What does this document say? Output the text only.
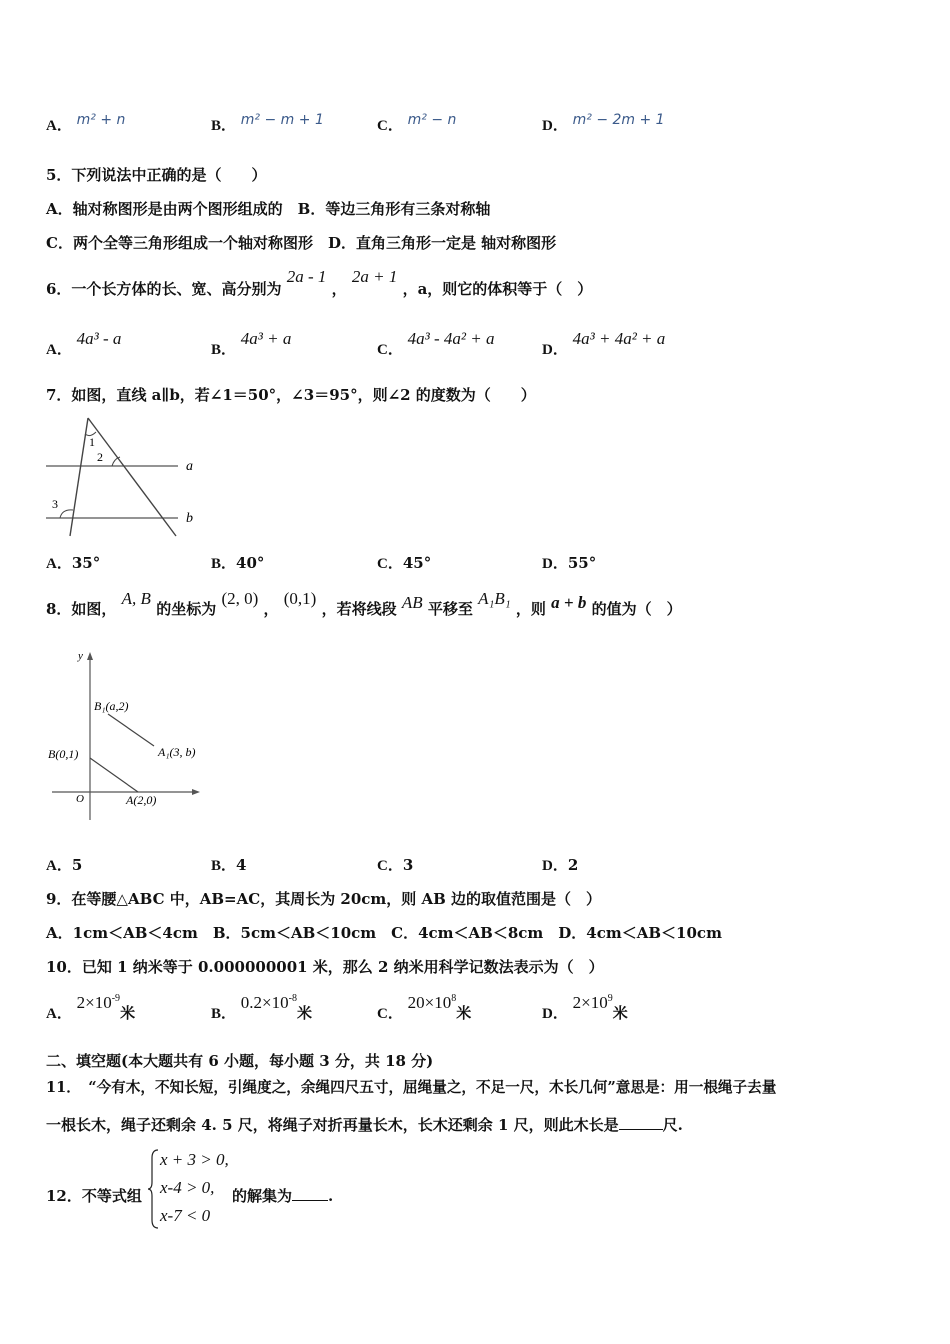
A． m² + n	B． m² − m + 1	C． m² − n	D． m² − 2m + 1
5．下列说法中正确的是（　　）
A．轴对称图形是由两个图形组成的　B．等边三角形有三条对称轴
C．两个全等三角形组成一个轴对称图形　D．直角三角形一定是 轴对称图形
6．一个长方体的长、宽、高分别为 2a - 1 ， 2a + 1 ，a，则它的体积等于（　）
A． 4a³ - a
B． 4a³ + a
C． 4a³ - 4a² + a
D． 4a³ + 4a² + a
7．如图，直线 a∥b，若∠1＝50°，∠3＝95°，则∠2 的度数为（　　）
1
2
3
a
b
A．35°	B．40°	C．45°	D．55°
8．如图， A, B 的坐标为 (2, 0) ， (0,1) ，若将线段 AB 平移至 A₁B₁ ，则 a + b 的值为（　）
y
O
B₁(a,2)
A₁(3, b)
B(0,1)
A(2,0)
A．5	B．4	C．3	D．2
9．在等腰△ABC 中，AB=AC，其周长为 20cm，则 AB 边的取值范围是（　）
A．1cm＜AB＜4cm　B．5cm＜AB＜10cm　C．4cm＜AB＜8cm　D．4cm＜AB＜10cm
10．已知 1 纳米等于 0.000000001 米，那么 2 纳米用科学记数法表示为（　）
A． $2\times 10^{-9}$米	B． $0.2\times 10^{-8}$米	C． $20\times 10^8$米	D． $2\times 10^9$米
二、填空题(本大题共有 6 小题，每小题 3 分，共 18 分)
11．　“今有木，不知长短，引绳度之，余绳四尺五寸，屈绳量之，不足一尺，木长几何”意思是：用一根绳子去量
一根长木，绳子还剩余 4. 5 尺，将绳子对折再量长木，长木还剩余 1 尺，则此木长是	尺.
12．不等式组
x + 3 > 0,
x-4 > 0,
x-7 < 0
的解集为 .
